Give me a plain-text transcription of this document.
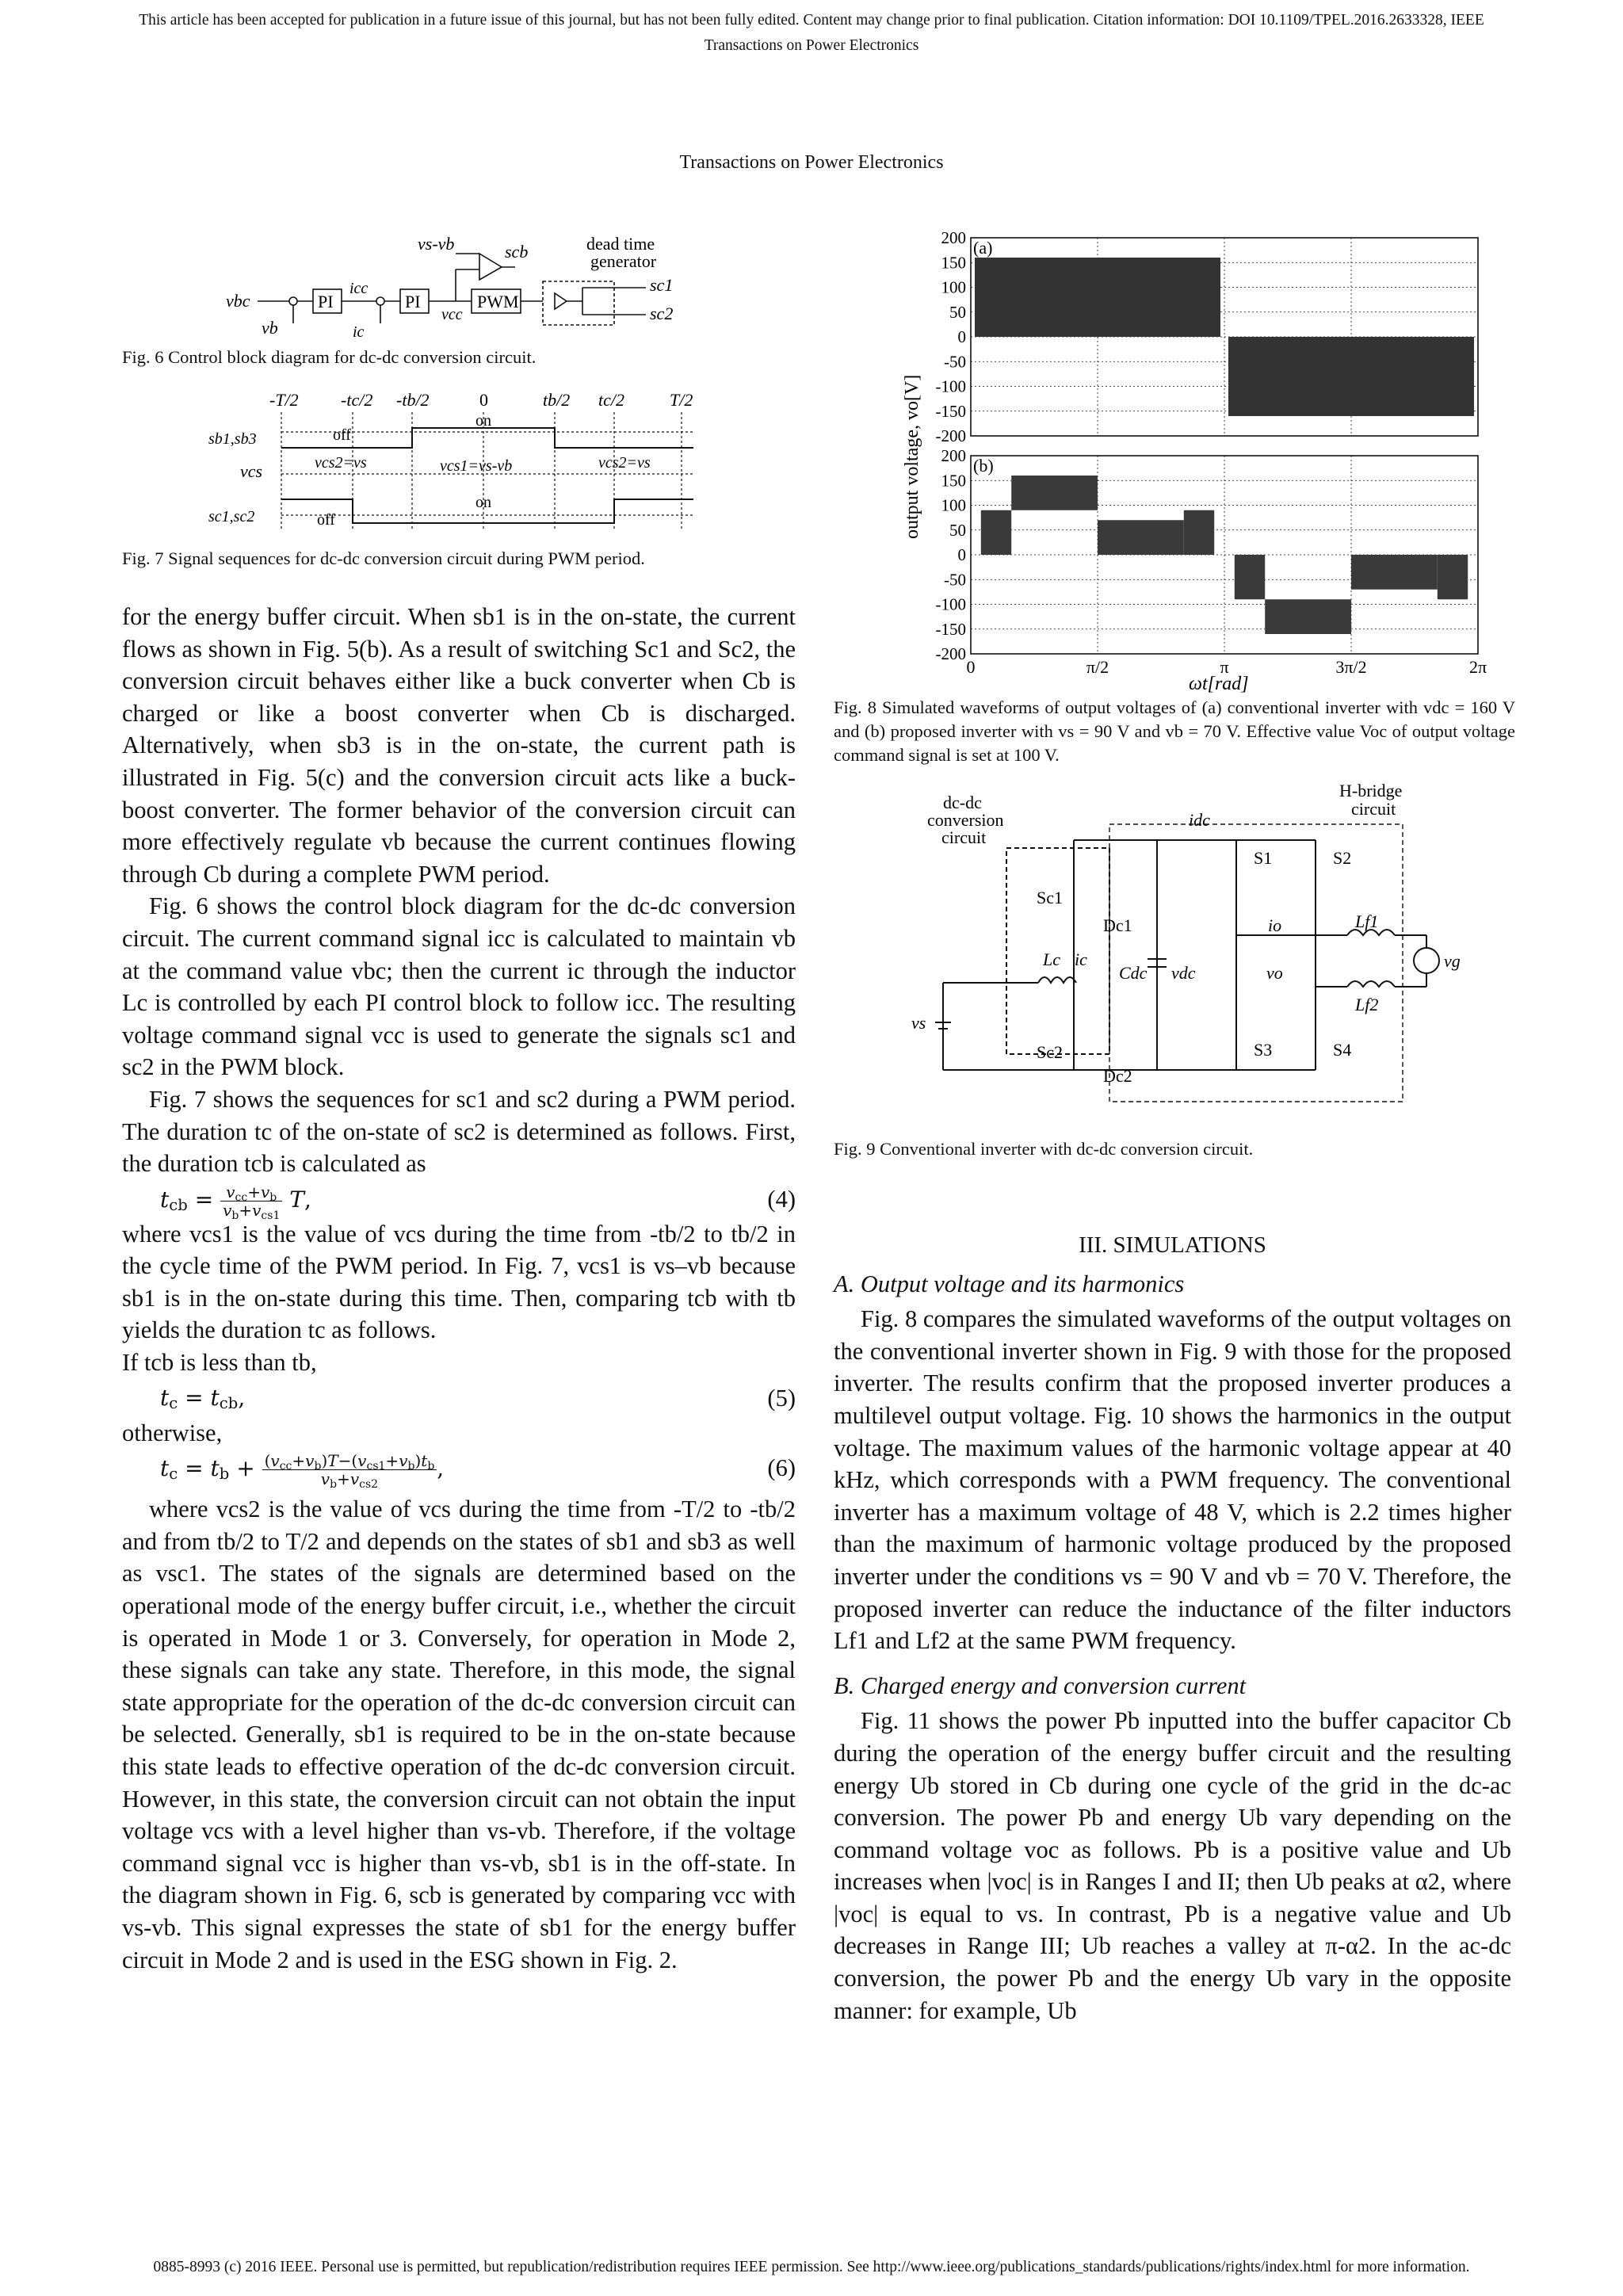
This article has been accepted for publication in a future issue of this journal, but has not been fully edited. Content may change prior to final publication. Citation information: DOI 10.1109/TPEL.2016.2633328, IEEE
Transactions on Power Electronics
Transactions on Power Electronics
vs-vb	scb	dead time
generator
sc1
sc2
vbc
vb
PI	PI
icc
ic
vcc
PWM
Fig. 6 Control block diagram for dc-dc conversion circuit.
-T/2 -tc/2 -tb/2	0	tb/2 tc/2	T/2
sb1,sb3
vcs
sc1,sc2
off
on
vcs2=vs	vcs1=vs-vb	vcs2=vs
on
off
Fig. 7 Signal sequences for dc-dc conversion circuit during PWM period.

for the energy buffer circuit. When sb1 is in the on-state, the current flows as shown in Fig. 5(b). As a result of switching Sc1 and Sc2, the conversion circuit behaves either like a buck converter when Cb is charged or like a boost converter when Cb is discharged. Alternatively, when sb3 is in the on-state, the current path is illustrated in Fig. 5(c) and the conversion circuit acts like a buck-boost converter. The former behavior of the conversion circuit can more effectively regulate vb because the current continues flowing through Cb during a complete PWM period.

Fig. 6 shows the control block diagram for the dc-dc conversion circuit. The current command signal icc is calculated to maintain vb at the command value vbc; then the current ic through the inductor Lc is controlled by each PI control block to follow icc. The resulting voltage command signal vcc is used to generate the signals sc1 and sc2 in the PWM block.

Fig. 7 shows the sequences for sc1 and sc2 during a PWM period. The duration tc of the on-state of sc2 is determined as follows. First, the duration tcb is calculated as

$t_{cb} = \frac{v_{cc}+v_b}{v_b+v_{cs1}} T$,	(4)

where vcs1 is the value of vcs during the time from -tb/2 to tb/2 in the cycle time of the PWM period. In Fig. 7, vcs1 is vs–vb because sb1 is in the on-state during this time. Then, comparing tcb with tb yields the duration tc as follows.

If tcb is less than tb,

$t_c = t_{cb}$,	(5)

otherwise,

$t_c = t_b + \frac{(v_{cc}+v_b)T-(v_{cs1}+v_b)t_b}{v_b+v_{cs2}}$ ,	(6)

where vcs2 is the value of vcs during the time from -T/2 to -tb/2 and from tb/2 to T/2 and depends on the states of sb1 and sb3 as well as vsc1. The states of the signals are determined based on the operational mode of the energy buffer circuit, i.e., whether the circuit is operated in Mode 1 or 3. Conversely, for operation in Mode 2, these signals can take any state. Therefore, in this mode, the signal state appropriate for the operation of the dc-dc conversion circuit can be selected. Generally, sb1 is required to be in the on-state because this state leads to effective operation of the dc-dc conversion circuit. However, in this state, the conversion circuit can not obtain the input voltage vcs with a level higher than vs-vb. Therefore, if the voltage command signal vcc is higher than vs-vb, sb1 is in the off-state. In the diagram shown in Fig. 6, scb is generated by comparing vcc with vs-vb. This signal expresses the state of sb1 for the energy buffer circuit in Mode 2 and is used in the ESG shown in Fig. 2.

output voltage, vo[V]
ωt[rad]
(a)
(b)
200
150
100
50
0
-50
-100
-150
-200
200
150
100
50
0
-50
-100
-150
-200
0	π/2	π	3π/2	2π
Fig. 8 Simulated waveforms of output voltages of (a) conventional inverter with vdc = 160 V and (b) proposed inverter with vs = 90 V and vb = 70 V. Effective value Voc of output voltage command signal is set at 100 V.
H-bridge
circuit
dc-dc
conversion
circuit
idc
S1	S2
S3	S4
Sc1
Sc2
Dc1
Dc2
Lc ic
Cdc vdc	vo
io	Lf1
Lf2
vg
vs
Fig. 9 Conventional inverter with dc-dc conversion circuit.
III. SIMULATIONS
A. Output voltage and its harmonics

Fig. 8 compares the simulated waveforms of the output voltages on the conventional inverter shown in Fig. 9 with those for the proposed inverter. The results confirm that the proposed inverter produces a multilevel output voltage. Fig. 10 shows the harmonics in the output voltage. The maximum values of the harmonic voltage appear at 40 kHz, which corresponds with a PWM frequency. The conventional inverter has a maximum voltage of 48 V, which is 2.2 times higher than the maximum of harmonic voltage produced by the proposed inverter under the conditions vs = 90 V and vb = 70 V. Therefore, the proposed inverter can reduce the inductance of the filter inductors Lf1 and Lf2 at the same PWM frequency.

B. Charged energy and conversion current

Fig. 11 shows the power Pb inputted into the buffer capacitor Cb during the operation of the energy buffer circuit and the resulting energy Ub stored in Cb during one cycle of the grid in the dc-ac conversion. The power Pb and energy Ub vary depending on the command voltage voc as follows. Pb is a positive value and Ub increases when |voc| is in Ranges I and II; then Ub peaks at α2, where |voc| is equal to vs. In contrast, Pb is a negative value and Ub decreases in Range III; Ub reaches a valley at π-α2. In the ac-dc conversion, the power Pb and the energy Ub vary in the opposite manner: for example, Ub

0885-8993 (c) 2016 IEEE. Personal use is permitted, but republication/redistribution requires IEEE permission. See http://www.ieee.org/publications_standards/publications/rights/index.html for more information.
